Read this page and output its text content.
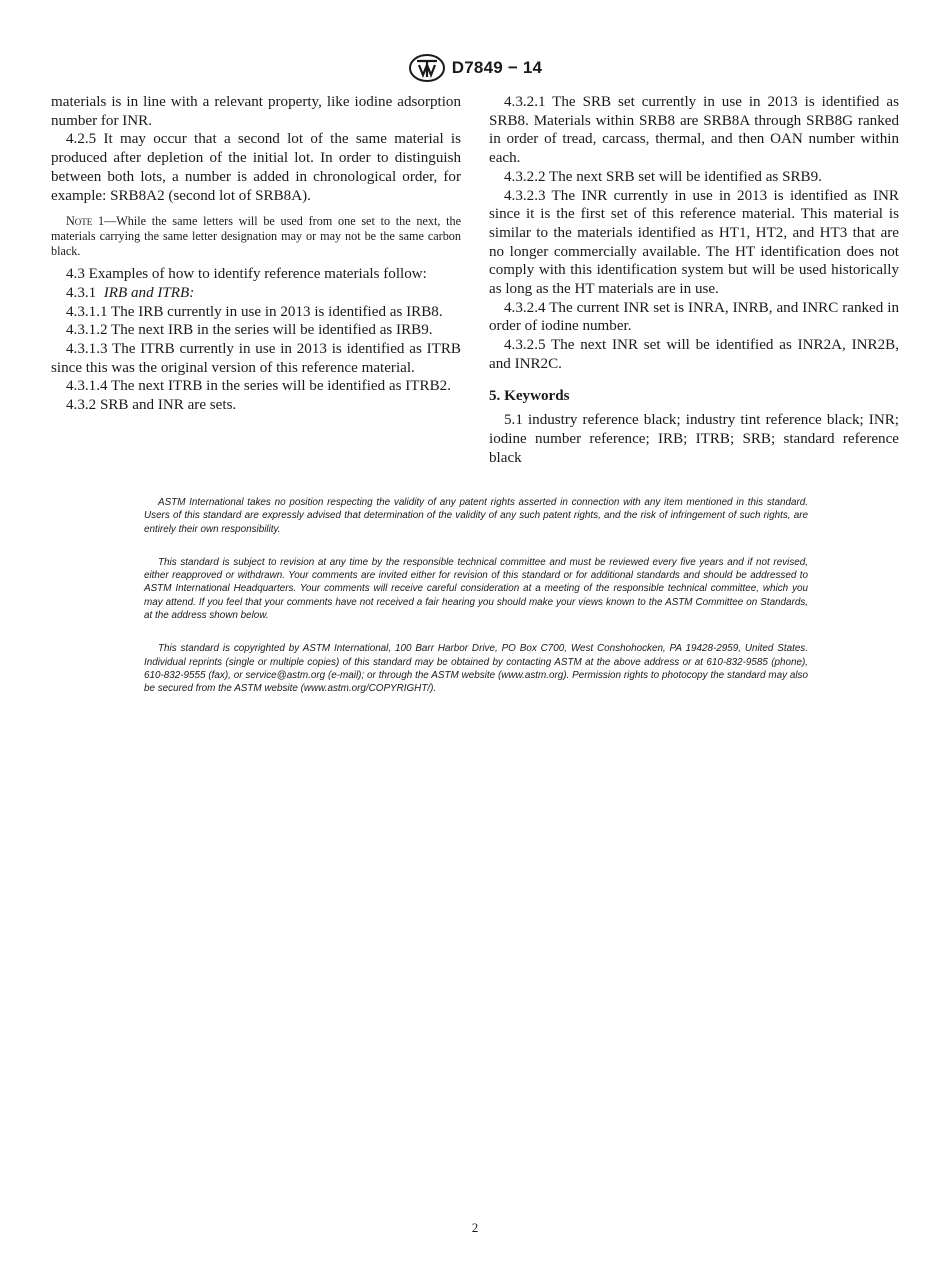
D7849 − 14

materials is in line with a relevant property, like iodine adsorption number for INR.

4.2.5 It may occur that a second lot of the same material is produced after depletion of the initial lot. In order to distinguish between both lots, a number is added in chronological order, for example: SRB8A2 (second lot of SRB8A).

Note 1—While the same letters will be used from one set to the next, the materials carrying the same letter designation may or may not be the same carbon black.

4.3 Examples of how to identify reference materials follow:

4.3.1 IRB and ITRB:

4.3.1.1 The IRB currently in use in 2013 is identified as IRB8.

4.3.1.2 The next IRB in the series will be identified as IRB9.

4.3.1.3 The ITRB currently in use in 2013 is identified as ITRB since this was the original version of this reference material.

4.3.1.4 The next ITRB in the series will be identified as ITRB2.

4.3.2 SRB and INR are sets.

4.3.2.1 The SRB set currently in use in 2013 is identified as SRB8. Materials within SRB8 are SRB8A through SRB8G ranked in order of tread, carcass, thermal, and then OAN number within each.

4.3.2.2 The next SRB set will be identified as SRB9.

4.3.2.3 The INR currently in use in 2013 is identified as INR since it is the first set of this reference material. This material is similar to the materials identified as HT1, HT2, and HT3 that are no longer commercially available. The HT identification does not comply with this identification system but will be used historically as long as the HT materials are in use.

4.3.2.4 The current INR set is INRA, INRB, and INRC ranked in order of iodine number.

4.3.2.5 The next INR set will be identified as INR2A, INR2B, and INR2C.

5. Keywords

5.1 industry reference black; industry tint reference black; INR; iodine number reference; IRB; ITRB; SRB; standard reference black

ASTM International takes no position respecting the validity of any patent rights asserted in connection with any item mentioned in this standard. Users of this standard are expressly advised that determination of the validity of any such patent rights, and the risk of infringement of such rights, are entirely their own responsibility.

This standard is subject to revision at any time by the responsible technical committee and must be reviewed every five years and if not revised, either reapproved or withdrawn. Your comments are invited either for revision of this standard or for additional standards and should be addressed to ASTM International Headquarters. Your comments will receive careful consideration at a meeting of the responsible technical committee, which you may attend. If you feel that your comments have not received a fair hearing you should make your views known to the ASTM Committee on Standards, at the address shown below.

This standard is copyrighted by ASTM International, 100 Barr Harbor Drive, PO Box C700, West Conshohocken, PA 19428-2959, United States. Individual reprints (single or multiple copies) of this standard may be obtained by contacting ASTM at the above address or at 610-832-9585 (phone), 610-832-9555 (fax), or service@astm.org (e-mail); or through the ASTM website (www.astm.org). Permission rights to photocopy the standard may also be secured from the ASTM website (www.astm.org/COPYRIGHT/).

2
